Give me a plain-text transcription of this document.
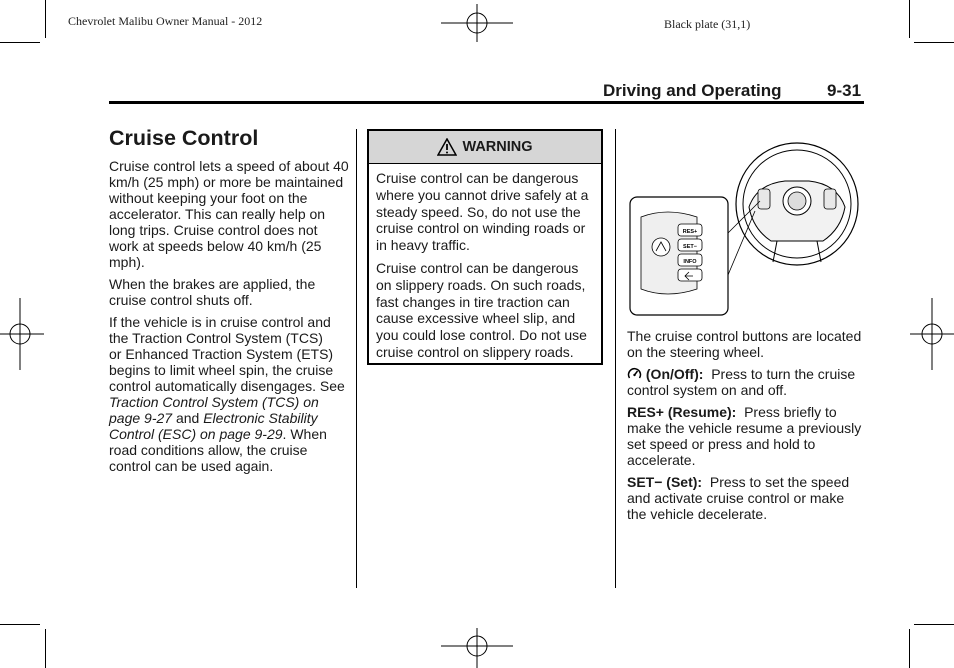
Chevrolet Malibu Owner Manual - 2012	Black plate (31,1)
Driving and Operating	9-31
Cruise Control

Cruise control lets a speed of about 40 km/h (25 mph) or more be maintained without keeping your foot on the accelerator. This can really help on long trips. Cruise control does not work at speeds below 40 km/h (25 mph).

When the brakes are applied, the cruise control shuts off.

If the vehicle is in cruise control and
the Traction Control System (TCS)
or Enhanced Traction System (ETS)
begins to limit wheel spin, the cruise
control automatically disengages. See Traction Control System (TCS) on page 9-27 and Electronic Stability Control (ESC) on page 9-29. When road conditions allow, the cruise control can be used again.

WARNING

Cruise control can be dangerous where you cannot drive safely at a steady speed. So, do not use the cruise control on winding roads or in heavy traffic.

Cruise control can be dangerous on slippery roads. On such roads, fast changes in tire traction can cause excessive wheel slip, and you could lose control. Do not use cruise control on slippery roads.

RES+
SET−
INFO

The cruise control buttons are located on the steering wheel.

(On/Off): Press to turn the cruise control system on and off.

RES+ (Resume): Press briefly to make the vehicle resume a previously set speed or press and hold to accelerate.

SET− (Set): Press to set the speed and activate cruise control or make the vehicle decelerate.
